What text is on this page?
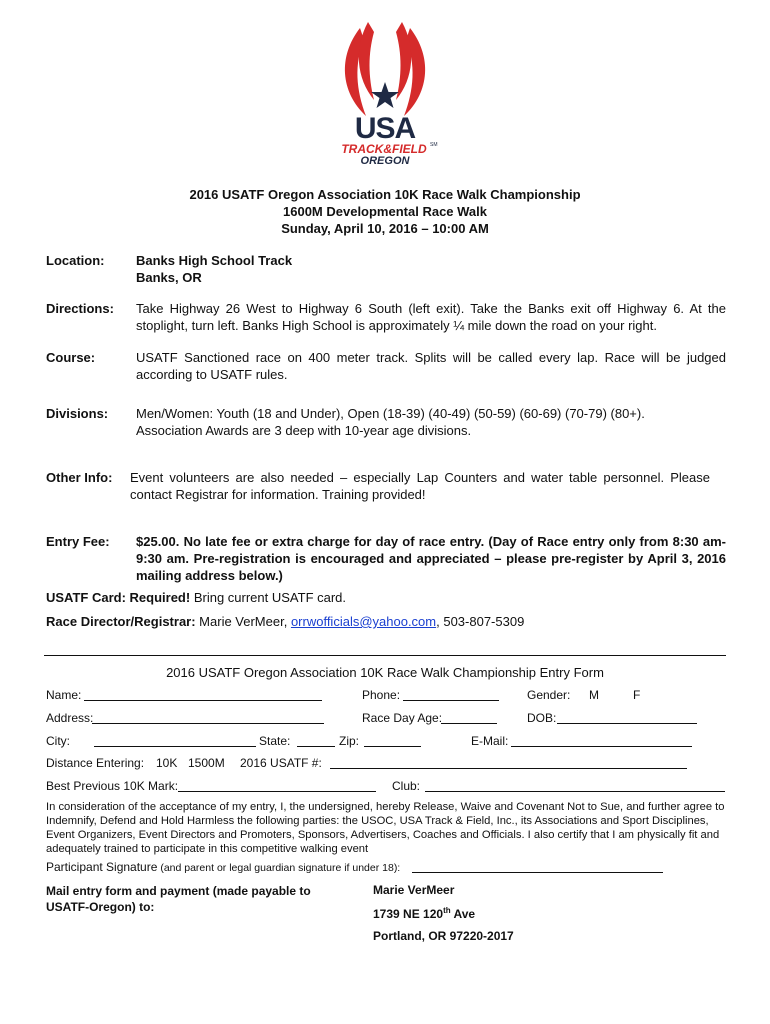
USA
TRACK&FIELD SM
OREGON
2016 USATF Oregon Association 10K Race Walk Championship
1600M Developmental Race Walk
Sunday, April 10, 2016 – 10:00 AM
Location: Banks High School Track
Banks, OR
Directions: Take Highway 26 West to Highway 6 South (left exit). Take the Banks exit off Highway 6. At the stoplight, turn left. Banks High School is approximately ¼ mile down the road on your right.
Course:	USATF Sanctioned race on 400 meter track. Splits will be called every lap. Race will be judged according to USATF rules.
Divisions: Men/Women: Youth (18 and Under), Open (18-39) (40-49) (50-59) (60-69) (70-79) (80+).
Association Awards are 3 deep with 10-year age divisions.
Other Info: Event volunteers are also needed – especially Lap Counters and water table personnel. Please contact Registrar for information. Training provided!
Entry Fee: $25.00. No late fee or extra charge for day of race entry. (Day of Race entry only from 8:30 am-9:30 am. Pre-registration is encouraged and appreciated – please pre-register by April 3, 2016 mailing address below.)
USATF Card: Required! Bring current USATF card.
Race Director/Registrar: Marie VerMeer, orrwofficials@yahoo.com, 503-807-5309
2016 USATF Oregon Association 10K Race Walk Championship Entry Form
Name:	Phone:	Gender: M	F
Address:	Race Day Age:	DOB:
City:	State:	Zip:	E-Mail:
Distance Entering: 10K 1500M 2016 USATF #:
Best Previous 10K Mark:	Club:
In consideration of the acceptance of my entry, I, the undersigned, hereby Release, Waive and Covenant Not to Sue, and further agree to Indemnify, Defend and Hold Harmless the following parties: the USOC, USA Track & Field, Inc., its Associations and Sport Disciplines, Event Organizers, Event Directors and Promoters, Sponsors, Advertisers, Coaches and Officials. I also certify that I am physically fit and adequately trained to participate in this competitive walking event
Participant Signature (and parent or legal guardian signature if under 18):
Mail entry form and payment (made payable to USATF-Oregon) to:
Marie VerMeer
1739 NE 120th Ave
Portland, OR 97220-2017
